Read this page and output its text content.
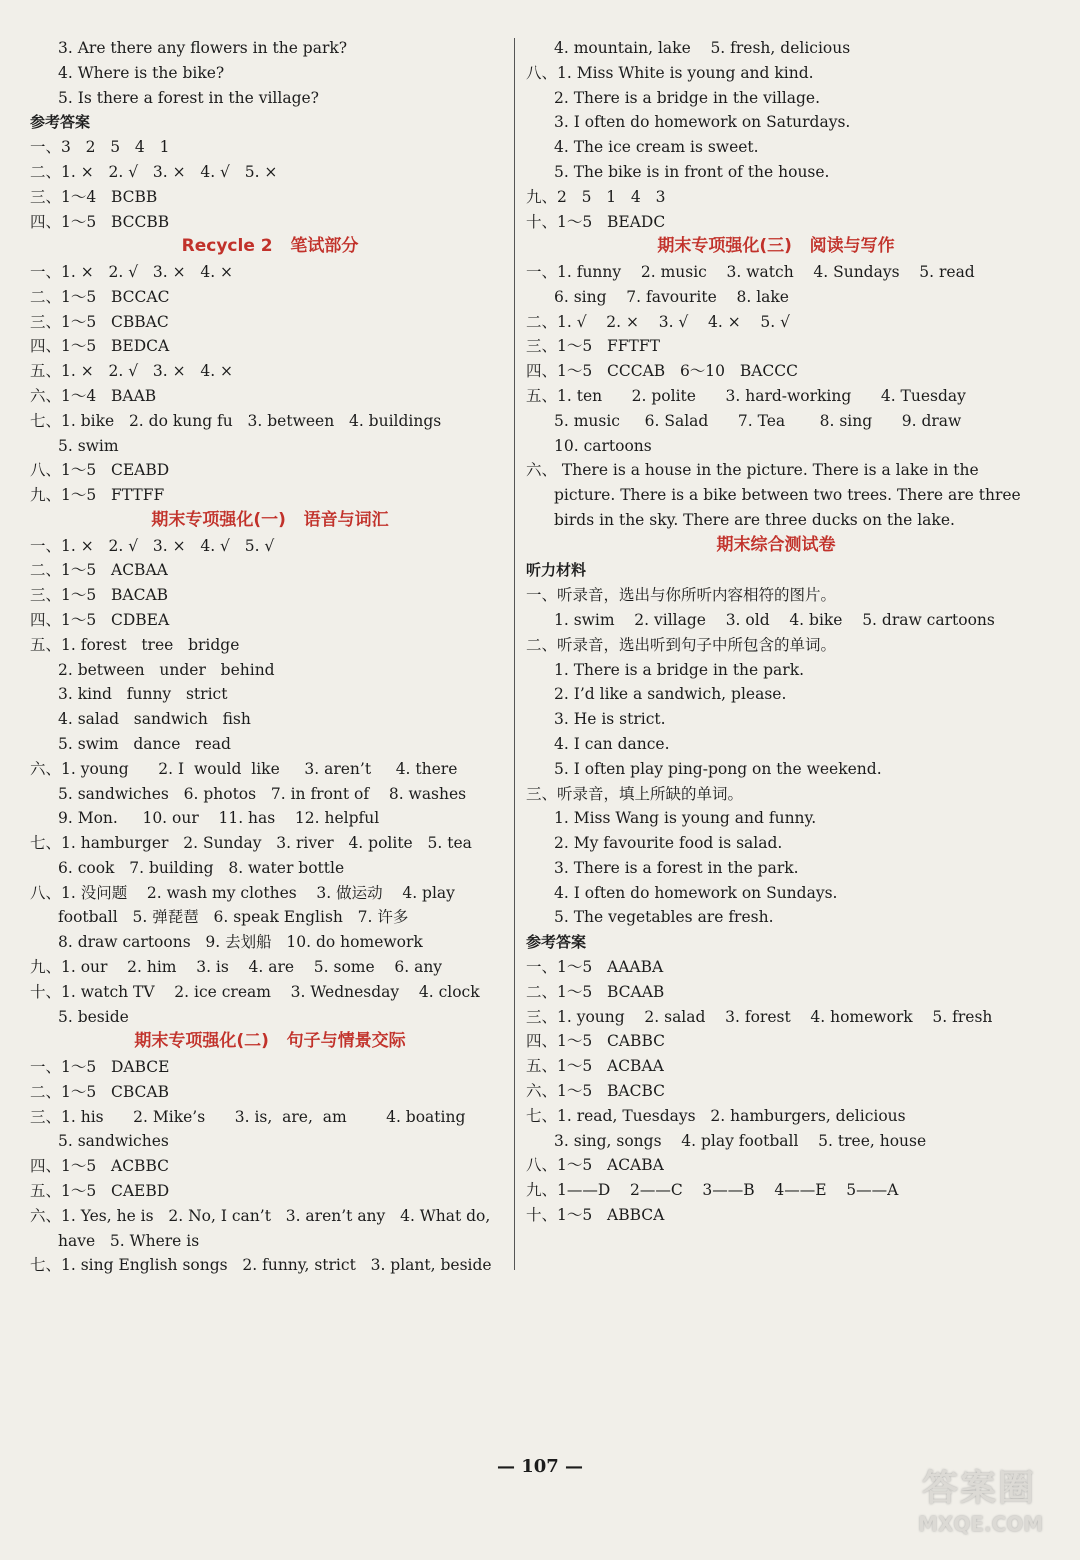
3. Are there any flowers in the park?
4. Where is the bike?
5. Is there a forest in the village?
参考答案
一、3   2   5   4   1
二、1. ×   2. √   3. ×   4. √   5. ×
三、1～4   BCBB
四、1～5   BCCBB
Recycle 2   笔试部分
一、1. ×   2. √   3. ×   4. ×
二、1～5   BCCAC
三、1～5   CBBAC
四、1～5   BEDCA
五、1. ×   2. √   3. ×   4. ×
六、1～4   BAAB
七、1. bike   2. do kung fu   3. between   4. buildings
5. swim
八、1～5   CEABD
九、1～5   FTTFF
期末专项强化(一)   语音与词汇
一、1. ×   2. √   3. ×   4. √   5. √
二、1～5   ACBAA
三、1～5   BACAB
四、1～5   CDBEA
五、1. forest   tree   bridge
2. between   under   behind
3. kind   funny   strict
4. salad   sandwich   fish
5. swim   dance   read
六、1. young      2. I  would  like     3. aren’t     4. there
5. sandwiches   6. photos   7. in front of    8. washes
9. Mon.     10. our    11. has    12. helpful
七、1. hamburger   2. Sunday   3. river   4. polite   5. tea
6. cook   7. building   8. water bottle
八、1. 没问题    2. wash my clothes    3. 做运动    4. play
football   5. 弹琵琶   6. speak English   7. 许多
8. draw cartoons   9. 去划船   10. do homework
九、1. our    2. him    3. is    4. are    5. some    6. any
十、1. watch TV    2. ice cream    3. Wednesday    4. clock
5. beside
期末专项强化(二)   句子与情景交际
一、1～5   DABCE
二、1～5   CBCAB
三、1. his      2. Mike’s      3. is,  are,  am        4. boating
5. sandwiches
四、1～5   ACBBC
五、1～5   CAEBD
六、1. Yes, he is   2. No, I can’t   3. aren’t any   4. What do,
have   5. Where is
七、1. sing English songs   2. funny, strict   3. plant, beside
4. mountain, lake    5. fresh, delicious
八、1. Miss White is young and kind.
2. There is a bridge in the village.
3. I often do homework on Saturdays.
4. The ice cream is sweet.
5. The bike is in front of the house.
九、2   5   1   4   3
十、1～5   BEADC
期末专项强化(三)   阅读与写作
一、1. funny    2. music    3. watch    4. Sundays    5. read
6. sing    7. favourite    8. lake
二、1. √    2. ×    3. √    4. ×    5. √
三、1～5   FFTFT
四、1～5   CCCAB   6～10   BACCC
五、1. ten      2. polite      3. hard-working      4. Tuesday
5. music     6. Salad      7. Tea       8. sing      9. draw
10. cartoons
六、 There is a house in the picture. There is a lake in the picture. There is a bike between two trees. There are three birds in the sky. There are three ducks on the lake.
期末综合测试卷
听力材料
一、听录音，选出与你所听内容相符的图片。
1. swim    2. village    3. old    4. bike    5. draw cartoons
二、听录音，选出听到句子中所包含的单词。
1. There is a bridge in the park.
2. I’d like a sandwich, please.
3. He is strict.
4. I can dance.
5. I often play ping-pong on the weekend.
三、听录音，填上所缺的单词。
1. Miss Wang is young and funny.
2. My favourite food is salad.
3. There is a forest in the park.
4. I often do homework on Sundays.
5. The vegetables are fresh.
参考答案
一、1～5   AAABA
二、1～5   BCAAB
三、1. young    2. salad    3. forest    4. homework    5. fresh
四、1～5   CABBC
五、1～5   ACBAA
六、1～5   BACBC
七、1. read, Tuesdays   2. hamburgers, delicious
3. sing, songs    4. play football    5. tree, house
八、1～5   ACABA
九、1——D    2——C    3——B    4——E    5——A
十、1～5   ABBCA
— 107 —
答案圈
MXQE.COM
